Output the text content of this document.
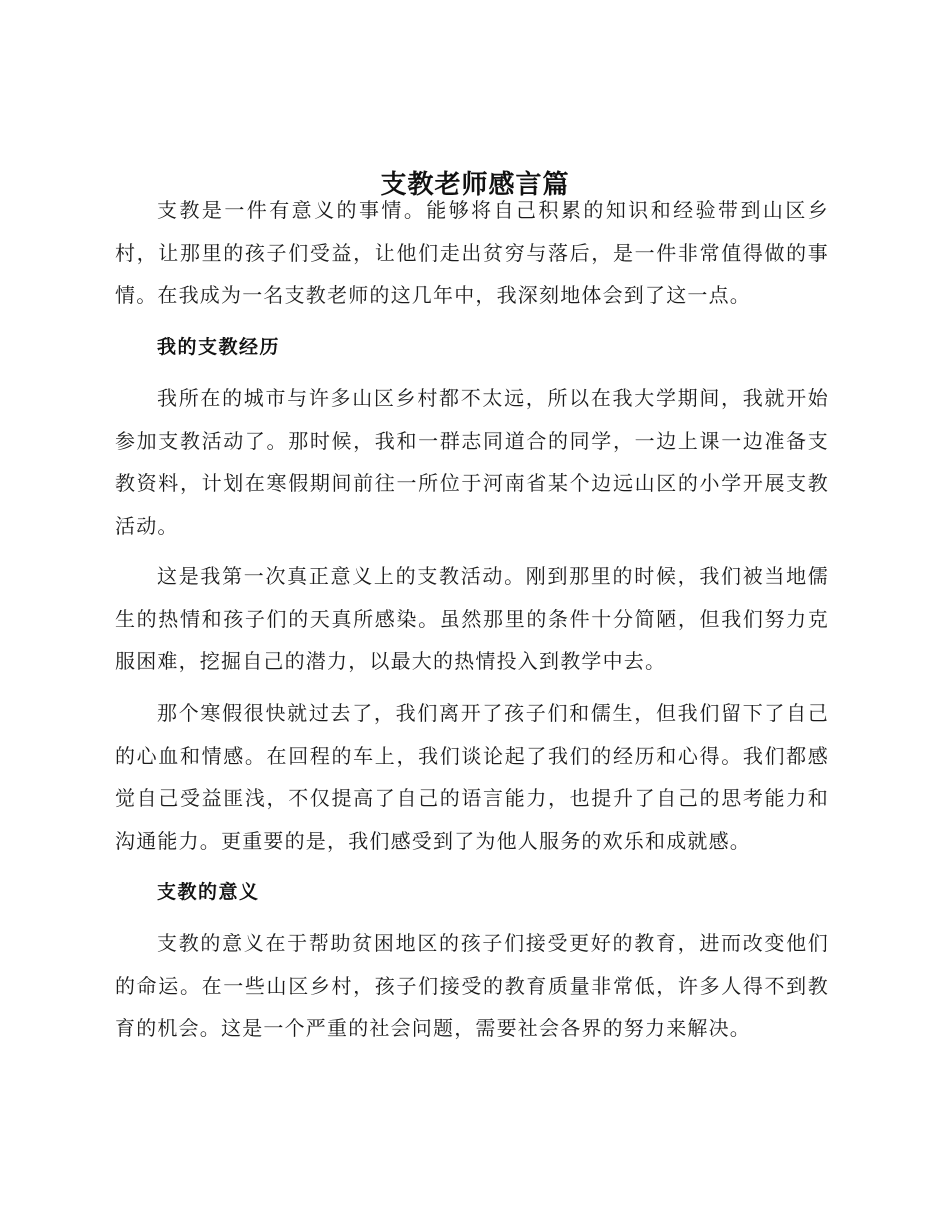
支教老师感言篇

支教是一件有意义的事情。能够将自己积累的知识和经验带到山区乡村，让那里的孩子们受益，让他们走出贫穷与落后，是一件非常值得做的事情。在我成为一名支教老师的这几年中，我深刻地体会到了这一点。

我的支教经历

我所在的城市与许多山区乡村都不太远，所以在我大学期间，我就开始参加支教活动了。那时候，我和一群志同道合的同学，一边上课一边准备支教资料，计划在寒假期间前往一所位于河南省某个边远山区的小学开展支教活动。

这是我第一次真正意义上的支教活动。刚到那里的时候，我们被当地儒生的热情和孩子们的天真所感染。虽然那里的条件十分简陋，但我们努力克服困难，挖掘自己的潜力，以最大的热情投入到教学中去。

那个寒假很快就过去了，我们离开了孩子们和儒生，但我们留下了自己的心血和情感。在回程的车上，我们谈论起了我们的经历和心得。我们都感觉自己受益匪浅，不仅提高了自己的语言能力，也提升了自己的思考能力和沟通能力。更重要的是，我们感受到了为他人服务的欢乐和成就感。

支教的意义

支教的意义在于帮助贫困地区的孩子们接受更好的教育，进而改变他们的命运。在一些山区乡村，孩子们接受的教育质量非常低，许多人得不到教育的机会。这是一个严重的社会问题，需要社会各界的努力来解决。
